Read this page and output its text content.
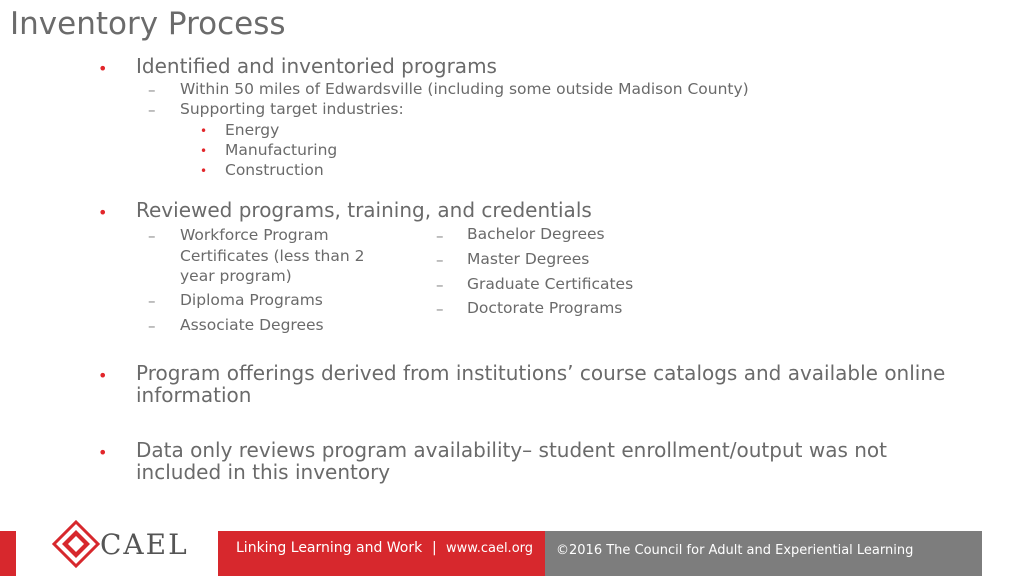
Inventory Process
• Identified and inventoried programs
– Within 50 miles of Edwardsville (including some outside Madison County)
– Supporting target industries:
• Energy
• Manufacturing
• Construction
• Reviewed programs, training, and credentials
– Workforce Program Certificates (less than 2 year program)
– Diploma Programs
– Associate Degrees
– Bachelor Degrees
– Master Degrees
– Graduate Certificates
– Doctorate Programs
• Program offerings derived from institutions’ course catalogs and available online information
• Data only reviews program availability– student enrollment/output was not included in this inventory
CAEL	Linking Learning and Work | www.cael.org ©2016 The Council for Adult and Experiential Learning
